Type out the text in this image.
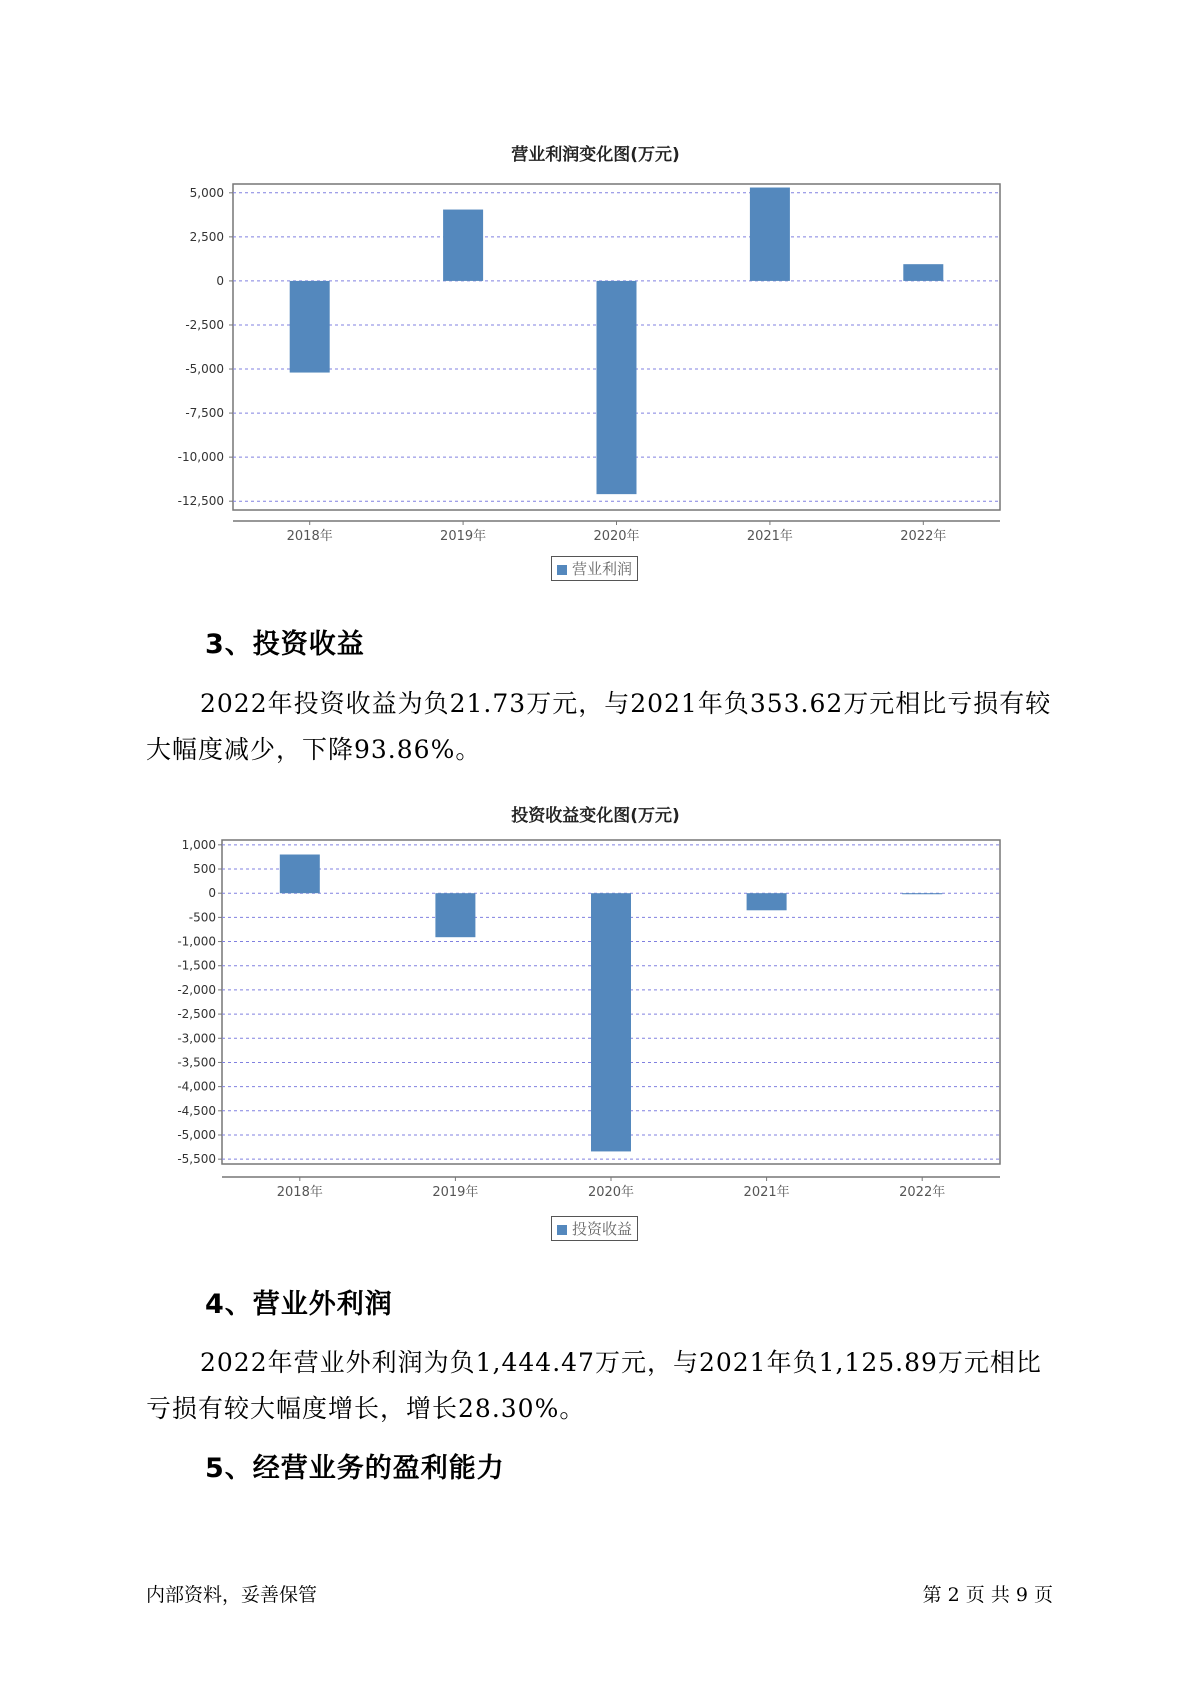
营业利润变化图(万元)
5,000
2,500
0
-2,500
-5,000
-7,500
-10,000
-12,500
2018年	2019年	2020年	2021年	2022年
营业利润
3、投资收益

2022年投资收益为负21.73万元，与2021年负353.62万元相比亏损有较大幅度减少，下降93.86%。

投资收益变化图(万元)
1,000
500
0
-500
-1,000
-1,500
-2,000
-2,500
-3,000
-3,500
-4,000
-4,500
-5,000
-5,500
2018年	2019年	2020年	2021年	2022年
投资收益
4、营业外利润

2022年营业外利润为负1,444.47万元，与2021年负1,125.89万元相比亏损有较大幅度增长，增长28.30%。

5、经营业务的盈利能力
内部资料，妥善保管	第 2 页 共 9 页
